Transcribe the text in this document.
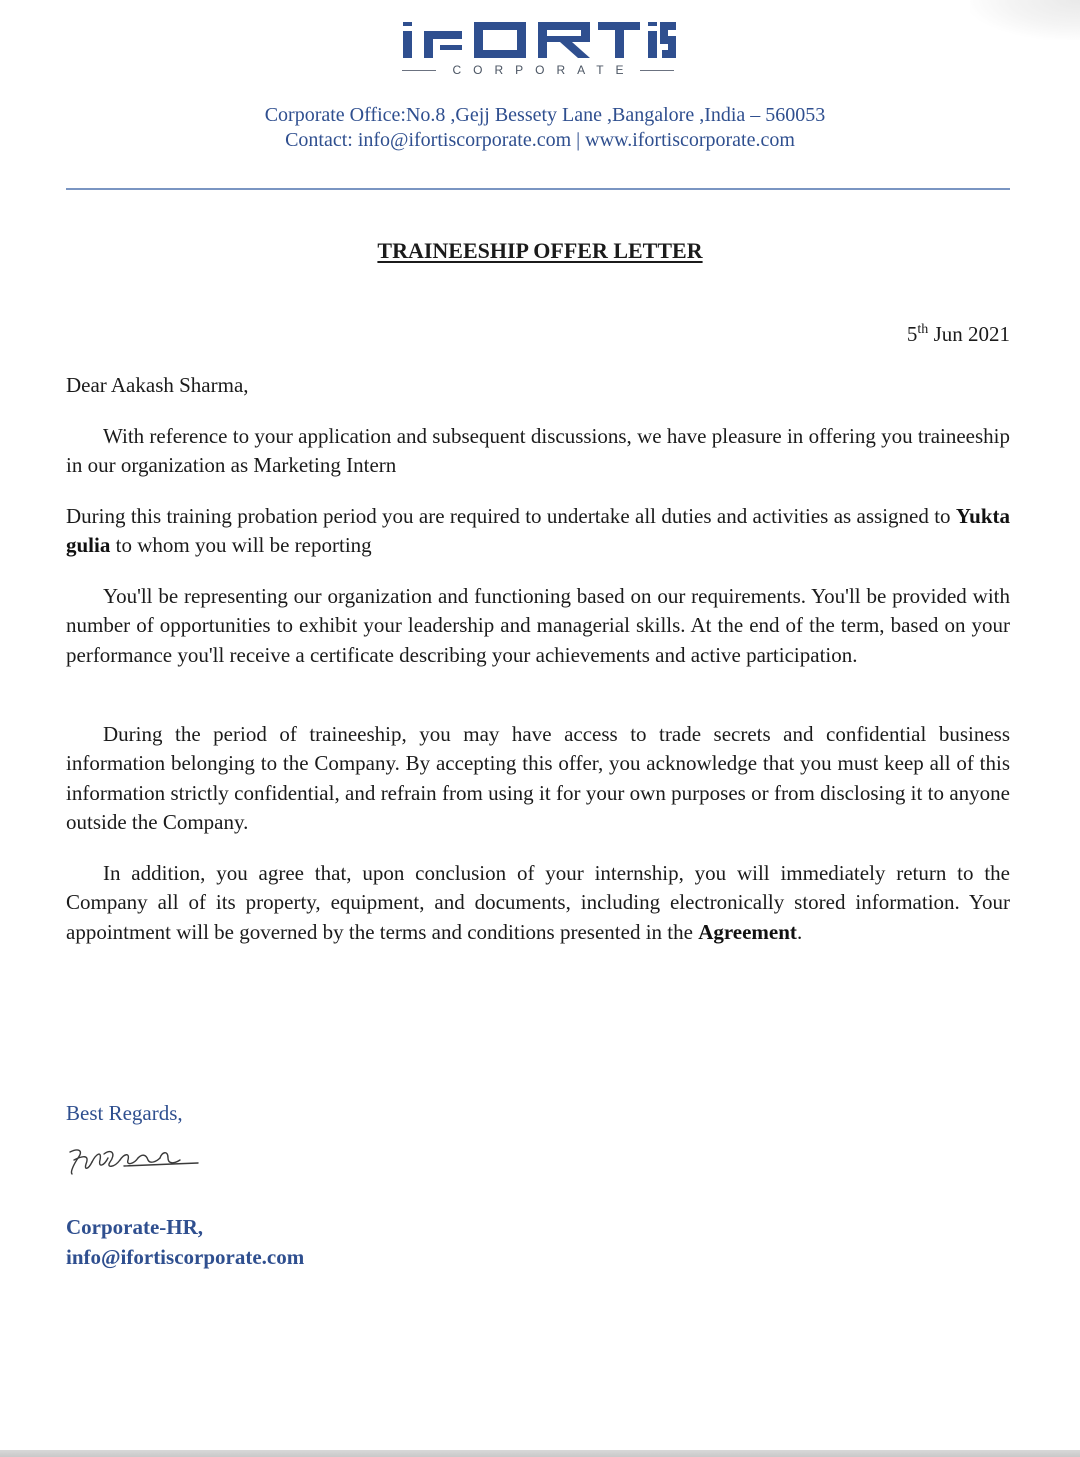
CORPORATE
Corporate Office:No.8 ,Gejj Bessety Lane ,Bangalore ,India – 560053
Contact: info@ifortiscorporate.com | www.ifortiscorporate.com
TRAINEESHIP OFFER LETTER
5th Jun 2021
Dear Aakash Sharma,
With reference to your application and subsequent discussions, we have pleasure in offering you traineeship in our organization as Marketing Intern
During this training probation period you are required to undertake all duties and activities as assigned to Yukta gulia to whom you will be reporting
You'll be representing our organization and functioning based on our requirements. You'll be provided with number of opportunities to exhibit your leadership and managerial skills. At the end of the term, based on your performance you'll receive a certificate describing your achievements and active participation.
During the period of traineeship, you may have access to trade secrets and confidential business information belonging to the Company. By accepting this offer, you acknowledge that you must keep all of this information strictly confidential, and refrain from using it for your own purposes or from disclosing it to anyone outside the Company.
In addition, you agree that, upon conclusion of your internship, you will immediately return to the Company all of its property, equipment, and documents, including electronically stored information. Your appointment will be governed by the terms and conditions presented in the Agreement.
Best Regards,
Corporate-HR,
info@ifortiscorporate.com
